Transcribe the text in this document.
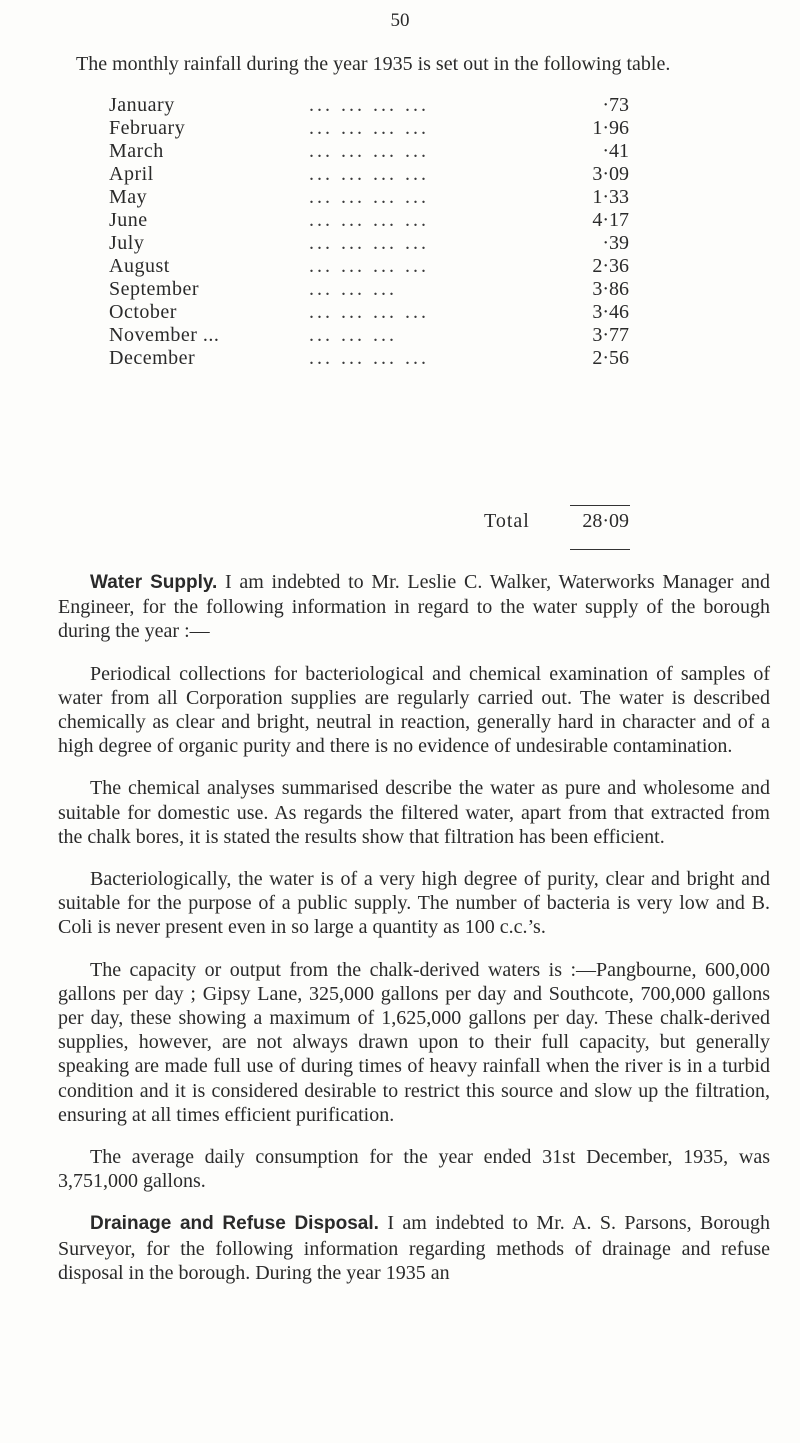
50
The monthly rainfall during the year 1935 is set out in the following table.
January	... ... ... ...	·73
February	... ... ... ...	1·96
March	... ... ... ...	·41
April	... ... ... ...	3·09
May	... ... ... ...	1·33
June	... ... ... ...	4·17
July	... ... ... ...	·39
August	... ... ... ...	2·36
September	... ... ...	3·86
October	... ... ... ...	3·46
November ...	... ... ...	3·77
December	... ... ... ...	2·56
Total	28·09

Water Supply. I am indebted to Mr. Leslie C. Walker, Waterworks Manager and Engineer, for the following information in regard to the water supply of the borough during the year :—

Periodical collections for bacteriological and chemical examination of samples of water from all Corporation supplies are regularly carried out. The water is described chemically as clear and bright, neutral in reaction, generally hard in character and of a high degree of organic purity and there is no evidence of undesirable contamination.

The chemical analyses summarised describe the water as pure and wholesome and suitable for domestic use. As regards the filtered water, apart from that extracted from the chalk bores, it is stated the results show that filtration has been efficient.

Bacteriologically, the water is of a very high degree of purity, clear and bright and suitable for the purpose of a public supply. The number of bacteria is very low and B. Coli is never present even in so large a quantity as 100 c.c.’s.

The capacity or output from the chalk-derived waters is :—Pangbourne, 600,000 gallons per day ; Gipsy Lane, 325,000 gallons per day and Southcote, 700,000 gallons per day, these showing a maximum of 1,625,000 gallons per day. These chalk-derived supplies, however, are not always drawn upon to their full capacity, but generally speaking are made full use of during times of heavy rainfall when the river is in a turbid condition and it is considered desirable to restrict this source and slow up the filtration, ensuring at all times efficient purification.

The average daily consumption for the year ended 31st December, 1935, was 3,751,000 gallons.

Drainage and Refuse Disposal. I am indebted to Mr. A. S. Parsons, Borough Surveyor, for the following information regarding methods of drainage and refuse disposal in the borough. During the year 1935 an
